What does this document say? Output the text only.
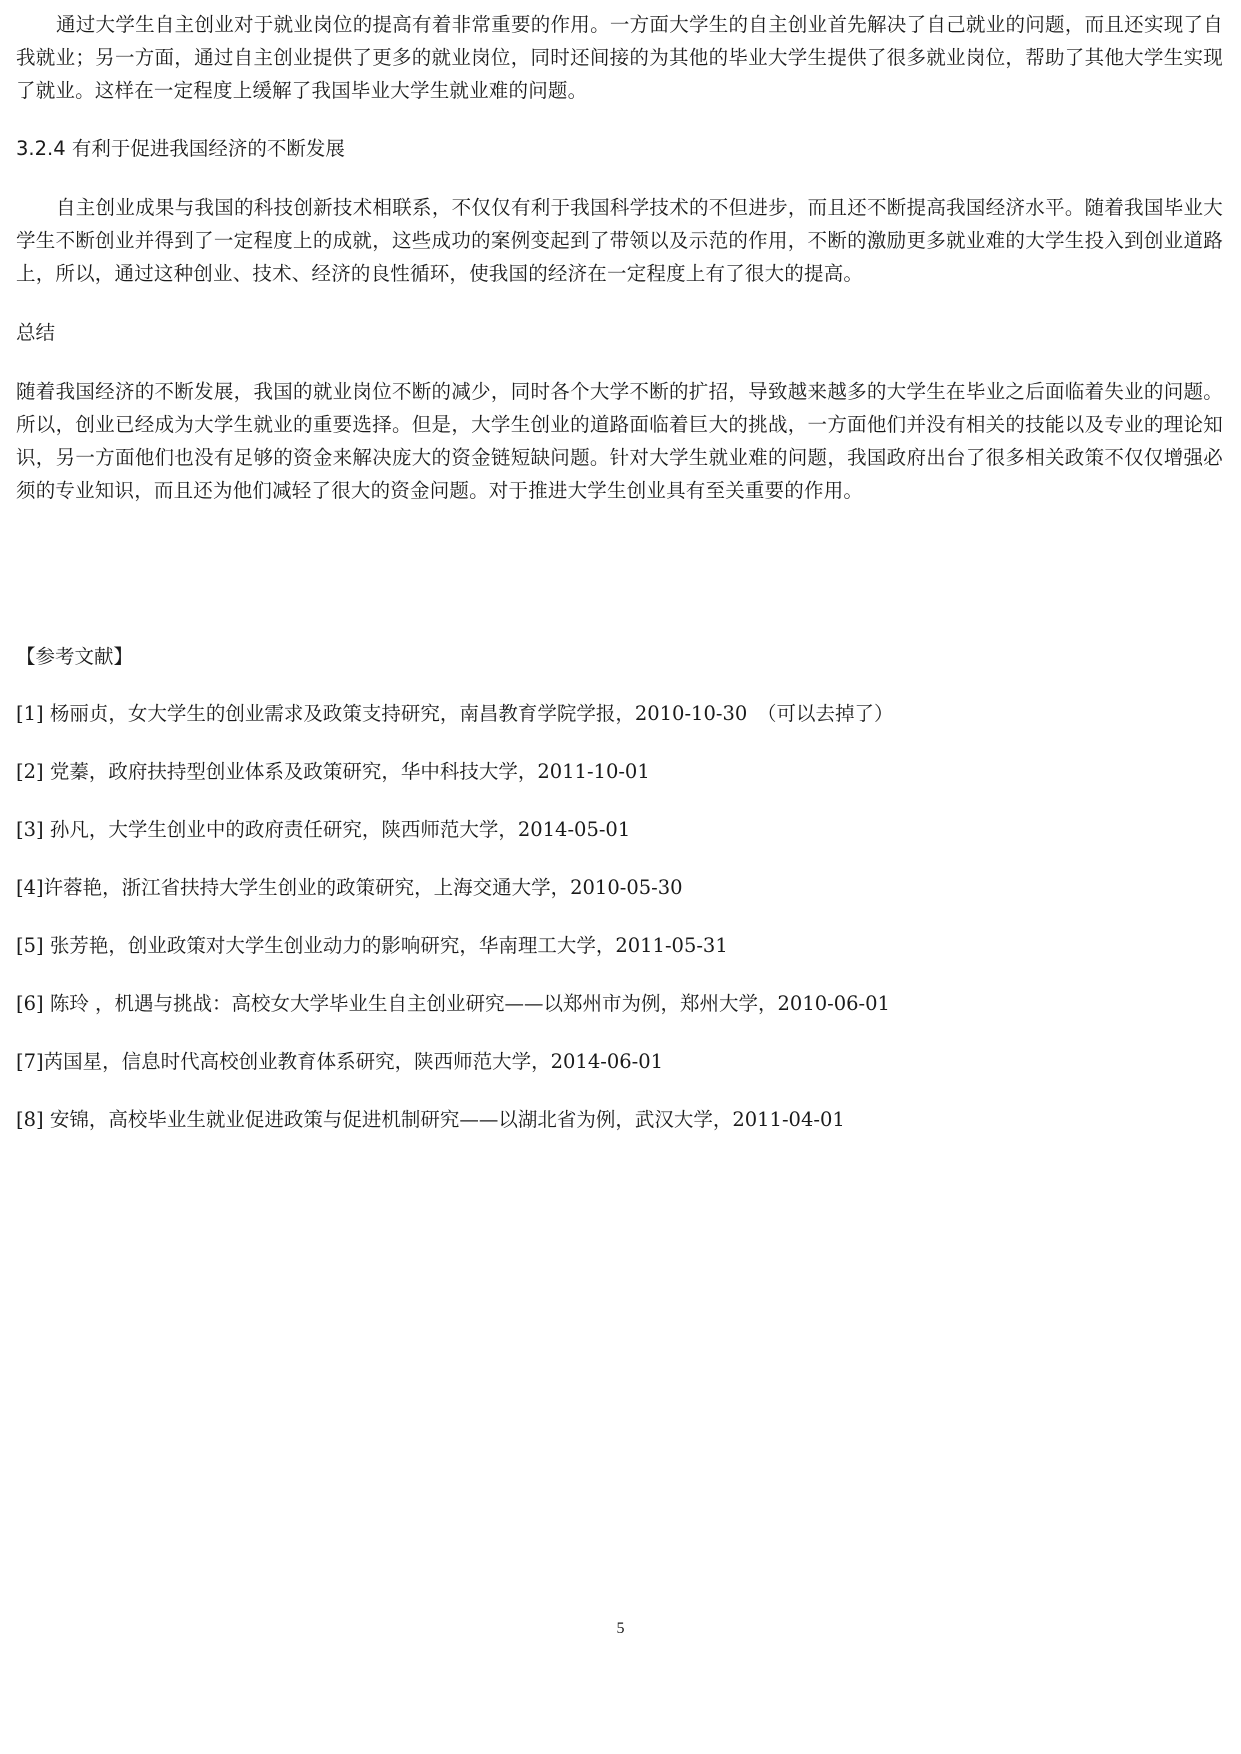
通过大学生自主创业对于就业岗位的提高有着非常重要的作用。一方面大学生的自主创业首先解决了自己就业的问题，而且还实现了自我就业；另一方面，通过自主创业提供了更多的就业岗位，同时还间接的为其他的毕业大学生提供了很多就业岗位，帮助了其他大学生实现了就业。这样在一定程度上缓解了我国毕业大学生就业难的问题。

3.2.4 有利于促进我国经济的不断发展

自主创业成果与我国的科技创新技术相联系，不仅仅有利于我国科学技术的不但进步，而且还不断提高我国经济水平。随着我国毕业大学生不断创业并得到了一定程度上的成就，这些成功的案例变起到了带领以及示范的作用，不断的激励更多就业难的大学生投入到创业道路上，所以，通过这种创业、技术、经济的良性循环，使我国的经济在一定程度上有了很大的提高。

总结

随着我国经济的不断发展，我国的就业岗位不断的减少，同时各个大学不断的扩招，导致越来越多的大学生在毕业之后面临着失业的问题。所以，创业已经成为大学生就业的重要选择。但是，大学生创业的道路面临着巨大的挑战，一方面他们并没有相关的技能以及专业的理论知识，另一方面他们也没有足够的资金来解决庞大的资金链短缺问题。针对大学生就业难的问题，我国政府出台了很多相关政策不仅仅增强必须的专业知识，而且还为他们减轻了很大的资金问题。对于推进大学生创业具有至关重要的作用。

【参考文献】

[1] 杨丽贞，女大学生的创业需求及政策支持研究，南昌教育学院学报，2010-10-30　（可以去掉了）

[2] 党蓁，政府扶持型创业体系及政策研究，华中科技大学，2011-10-01

[3] 孙凡，大学生创业中的政府责任研究，陕西师范大学，2014-05-01

[4]许蓉艳，浙江省扶持大学生创业的政策研究，上海交通大学，2010-05-30

[5] 张芳艳，创业政策对大学生创业动力的影响研究，华南理工大学，2011-05-31

[6] 陈玲 ，机遇与挑战：高校女大学毕业生自主创业研究——以郑州市为例，郑州大学，2010-06-01

[7]芮国星，信息时代高校创业教育体系研究，陕西师范大学，2014-06-01

[8] 安锦，高校毕业生就业促进政策与促进机制研究——以湖北省为例，武汉大学，2011-04-01

5
